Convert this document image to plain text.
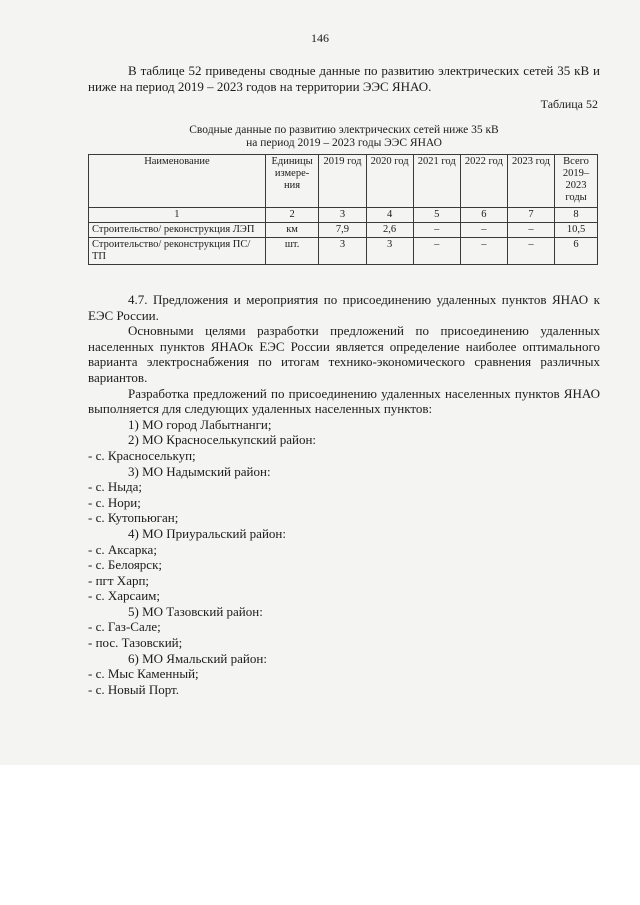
146

В таблице 52 приведены сводные данные по развитию электрических сетей 35 кВ и ниже на период 2019 – 2023 годов на территории ЭЭС ЯНАО.

Таблица 52
Сводные данные по развитию электрических сетей ниже 35 кВ
на период 2019 – 2023 годы ЭЭС ЯНАО
Наименование	Единицы измере-ния	2019 год	2020 год	2021 год	2022 год	2023 год	Всего 2019–2023 годы
1	2	3	4	5	6	7	8
Строительство/ реконструкция ЛЭП	км	7,9	2,6	–	–	–	10,5
Строительство/ реконструкция ПС/ТП	шт.	3	3	–	–	–	6

4.7. Предложения и мероприятия по присоединению удаленных пунктов ЯНАО к ЕЭС России.

Основными целями разработки предложений по присоединению удаленных населенных пунктов ЯНАОк ЕЭС России является определение наиболее оптимального варианта электроснабжения по итогам технико-экономического сравнения различных вариантов.

Разработка предложений по присоединению удаленных населенных пунктов ЯНАО выполняется для следующих удаленных населенных пунктов:

1) МО город Лабытнанги;
2) МО Красноселькупский район:
- с. Красноселькуп;
3) МО Надымский район:
- с. Ныда;
- с. Нори;
- с. Кутопьюган;
4) МО Приуральский район:
- с. Аксарка;
- с. Белоярск;
- пгт Харп;
- с. Харсаим;
5) МО Тазовский район:
- с. Газ-Сале;
- пос. Тазовский;
6) МО Ямальский район:
- с. Мыс Каменный;
- с. Новый Порт.
